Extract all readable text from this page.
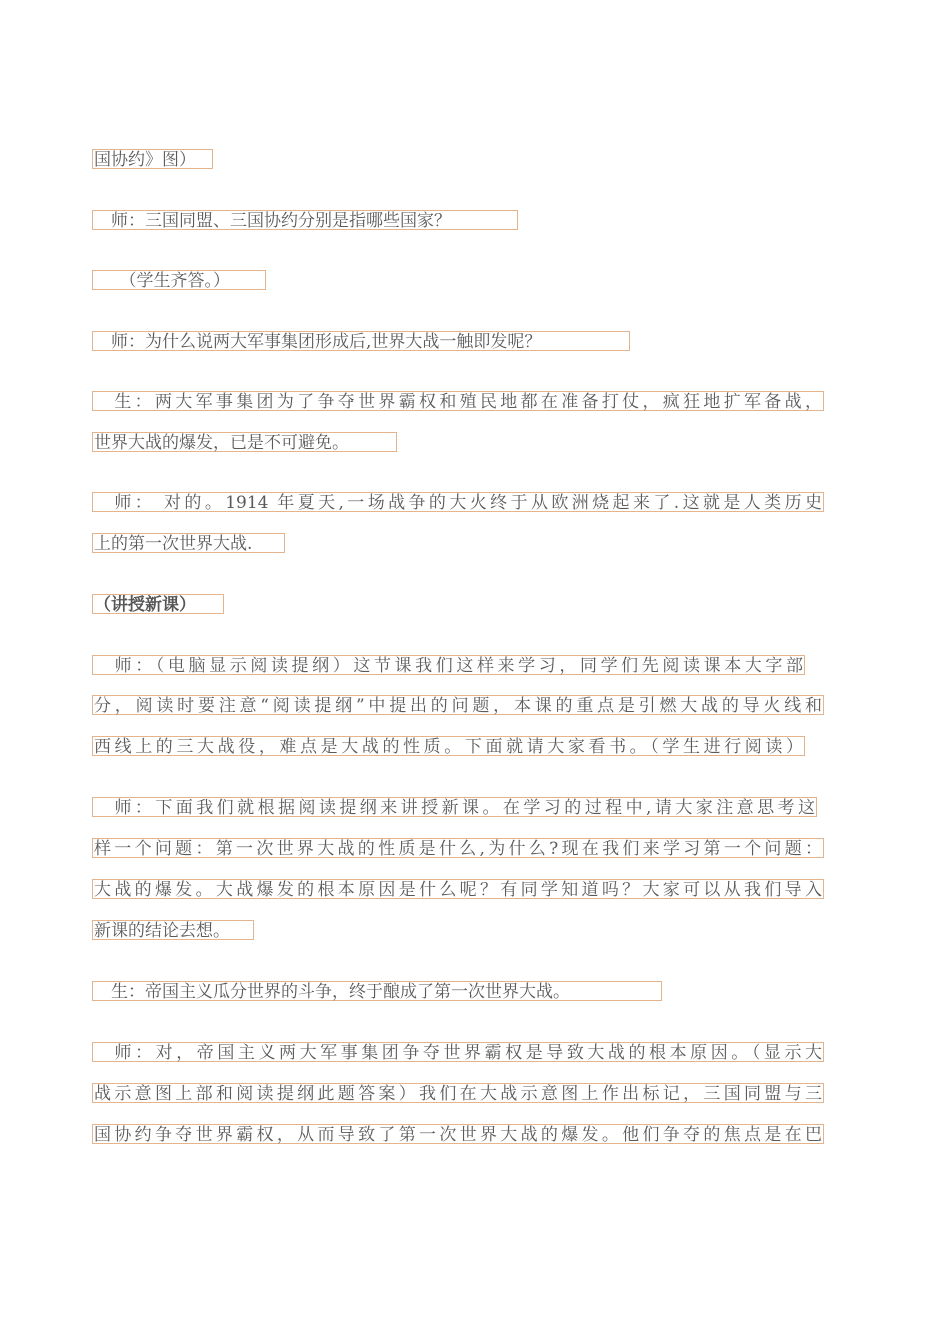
国协约》图）
　师：三国同盟、三国协约分别是指哪些国家？
　　（学生齐答。）
　师：为什么说两大军事集团形成后,世界大战一触即发呢？
　生：两大军事集团为了争夺世界霸权和殖民地都在准备打仗，疯狂地扩军备战，
世界大战的爆发，已是不可避免。
　师： 对的。1914 年夏天,一场战争的大火终于从欧洲烧起来了.这就是人类历史
上的第一次世界大战.
（讲授新课）
　师：（电脑显示阅读提纲）这节课我们这样来学习，同学们先阅读课本大字部
分，阅读时要注意“阅读提纲”中提出的问题，本课的重点是引燃大战的导火线和
西线上的三大战役，难点是大战的性质。下面就请大家看书。（学生进行阅读）
　师：下面我们就根据阅读提纲来讲授新课。在学习的过程中,请大家注意思考这
样一个问题：第一次世界大战的性质是什么,为什么?现在我们来学习第一个问题：
大战的爆发。大战爆发的根本原因是什么呢？有同学知道吗？大家可以从我们导入
新课的结论去想。
　生：帝国主义瓜分世界的斗争，终于酿成了第一次世界大战。
　师：对，帝国主义两大军事集团争夺世界霸权是导致大战的根本原因。（显示大
战示意图上部和阅读提纲此题答案）我们在大战示意图上作出标记，三国同盟与三
国协约争夺世界霸权，从而导致了第一次世界大战的爆发。他们争夺的焦点是在巴
